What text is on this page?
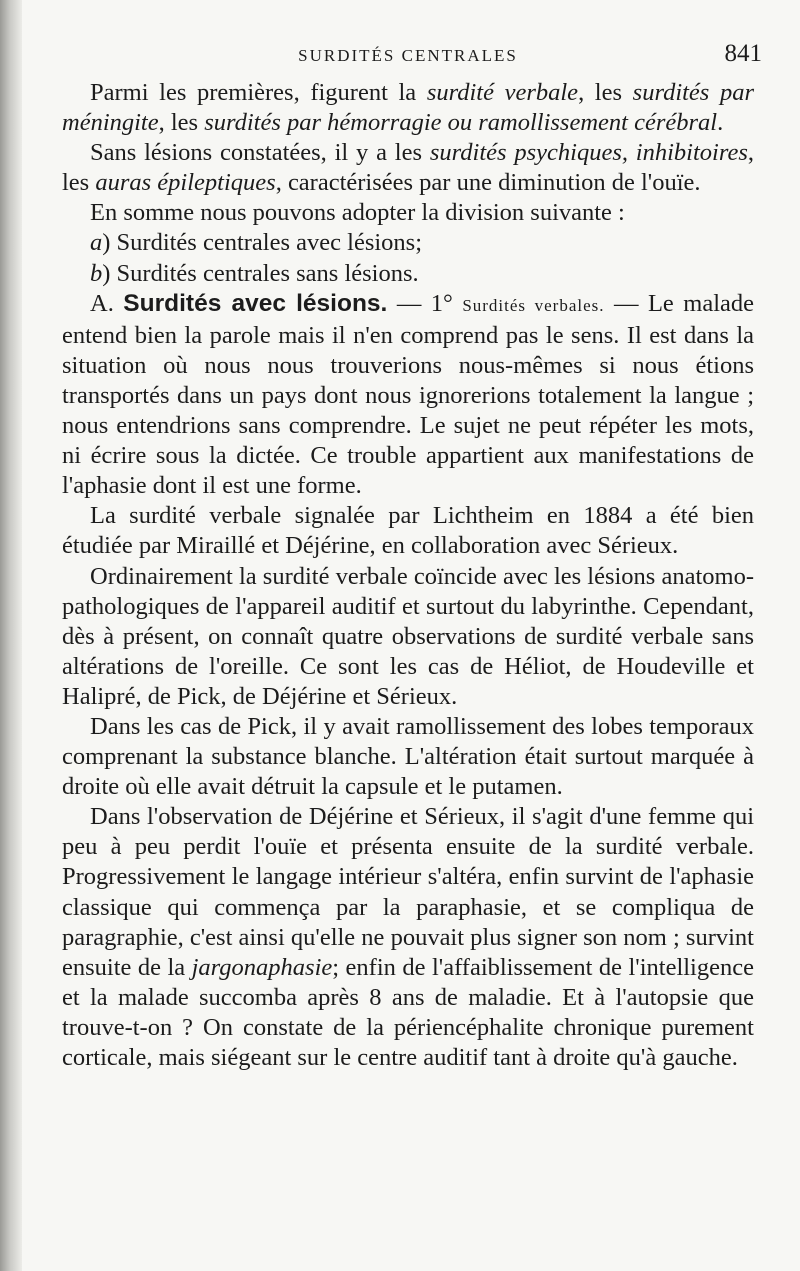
SURDITÉS CENTRALES	841

Parmi les premières, figurent la surdité verbale, les surdités par méningite, les surdités par hémorragie ou ramollissement cérébral.

Sans lésions constatées, il y a les surdités psychiques, inhibitoires, les auras épileptiques, caractérisées par une diminution de l'ouïe.

En somme nous pouvons adopter la division suivante :

a) Surdités centrales avec lésions;

b) Surdités centrales sans lésions.

A. Surdités avec lésions. — 1° Surdités verbales. — Le malade entend bien la parole mais il n'en comprend pas le sens. Il est dans la situation où nous nous trouverions nous-mêmes si nous étions transportés dans un pays dont nous ignorerions totalement la langue ; nous entendrions sans comprendre. Le sujet ne peut répéter les mots, ni écrire sous la dictée. Ce trouble appartient aux manifestations de l'aphasie dont il est une forme.

La surdité verbale signalée par Lichtheim en 1884 a été bien étudiée par Miraillé et Déjérine, en collaboration avec Sérieux.

Ordinairement la surdité verbale coïncide avec les lésions anatomo-pathologiques de l'appareil auditif et surtout du labyrinthe. Cependant, dès à présent, on connaît quatre observations de surdité verbale sans altérations de l'oreille. Ce sont les cas de Héliot, de Houdeville et Halipré, de Pick, de Déjérine et Sérieux.

Dans les cas de Pick, il y avait ramollissement des lobes temporaux comprenant la substance blanche. L'altération était surtout marquée à droite où elle avait détruit la capsule et le putamen.

Dans l'observation de Déjérine et Sérieux, il s'agit d'une femme qui peu à peu perdit l'ouïe et présenta ensuite de la surdité verbale. Progressivement le langage intérieur s'altéra, enfin survint de l'aphasie classique qui commença par la paraphasie, et se compliqua de paragraphie, c'est ainsi qu'elle ne pouvait plus signer son nom ; survint ensuite de la jargonaphasie; enfin de l'affaiblissement de l'intelligence et la malade succomba après 8 ans de maladie. Et à l'autopsie que trouve-t-on ? On constate de la périencéphalite chronique purement corticale, mais siégeant sur le centre auditif tant à droite qu'à gauche.
